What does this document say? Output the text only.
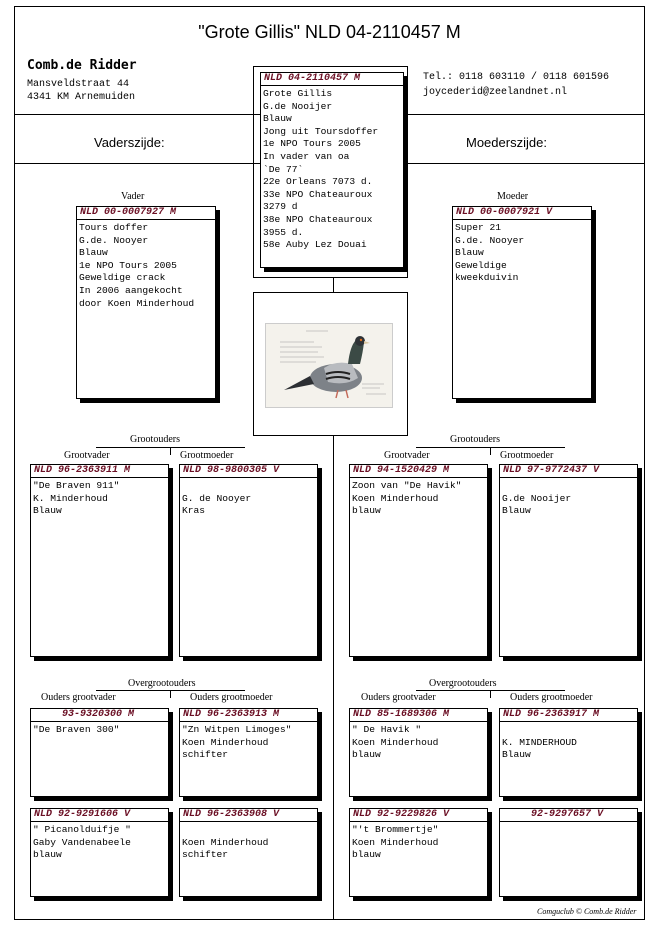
"Grote Gillis" NLD 04-2110457 M
Comb.de Ridder
Mansveldstraat 44
4341 KM Arnemuiden
Tel.: 0118 603110 / 0118 601596
joycederid@zeelandnet.nl
Vaderszijde:	Moederszijde:
NLD 04-2110457 M
Grote Gillis
G.de Nooijer
Blauw
Jong uit Toursdoffer
1e NPO Tours 2005
In vader van oa
`De 77`
22e Orleans 7073 d.
33e NPO Chateauroux
3279 d
38e NPO Chateauroux
3955 d.
58e Auby Lez Douai
Vader	Moeder
NLD 00-0007927 M
Tours doffer
G.de. Nooyer
Blauw
1e NPO Tours 2005
Geweldige crack
In 2006 aangekocht
door Koen Minderhoud
NLD 00-0007921 V
Super 21
G.de. Nooyer
Blauw
Geweldige
kweekduivin
Grootouders
Grootvader	Grootmoeder
Grootouders
Grootvader	Grootmoeder
NLD 96-2363911 M
"De Braven 911"
K. Minderhoud
Blauw
NLD 98-9800305 V

G. de Nooyer
Kras
NLD 94-1520429 M
Zoon van "De Havik"
Koen Minderhoud
blauw
NLD 97-9772437 V

G.de Nooijer
Blauw
Overgrootouders
Ouders grootvader	Ouders grootmoeder
Overgrootouders
Ouders grootvader	Ouders grootmoeder
93-9320300 M
"De Braven 300"
NLD 96-2363913 M
"Zn Witpen Limoges"
Koen Minderhoud
schifter
NLD 85-1689306 M
" De Havik "
Koen Minderhoud
blauw
NLD 96-2363917 M

K. MINDERHOUD
Blauw
NLD 92-9291606 V
" Picanolduifje "
Gaby Vandenabeele
blauw
NLD 96-2363908 V

Koen Minderhoud
schifter
NLD 92-9229826 V
"'t Brommertje"
Koen Minderhoud
blauw
92-9297657 V
Comguclub © Comb.de Ridder
